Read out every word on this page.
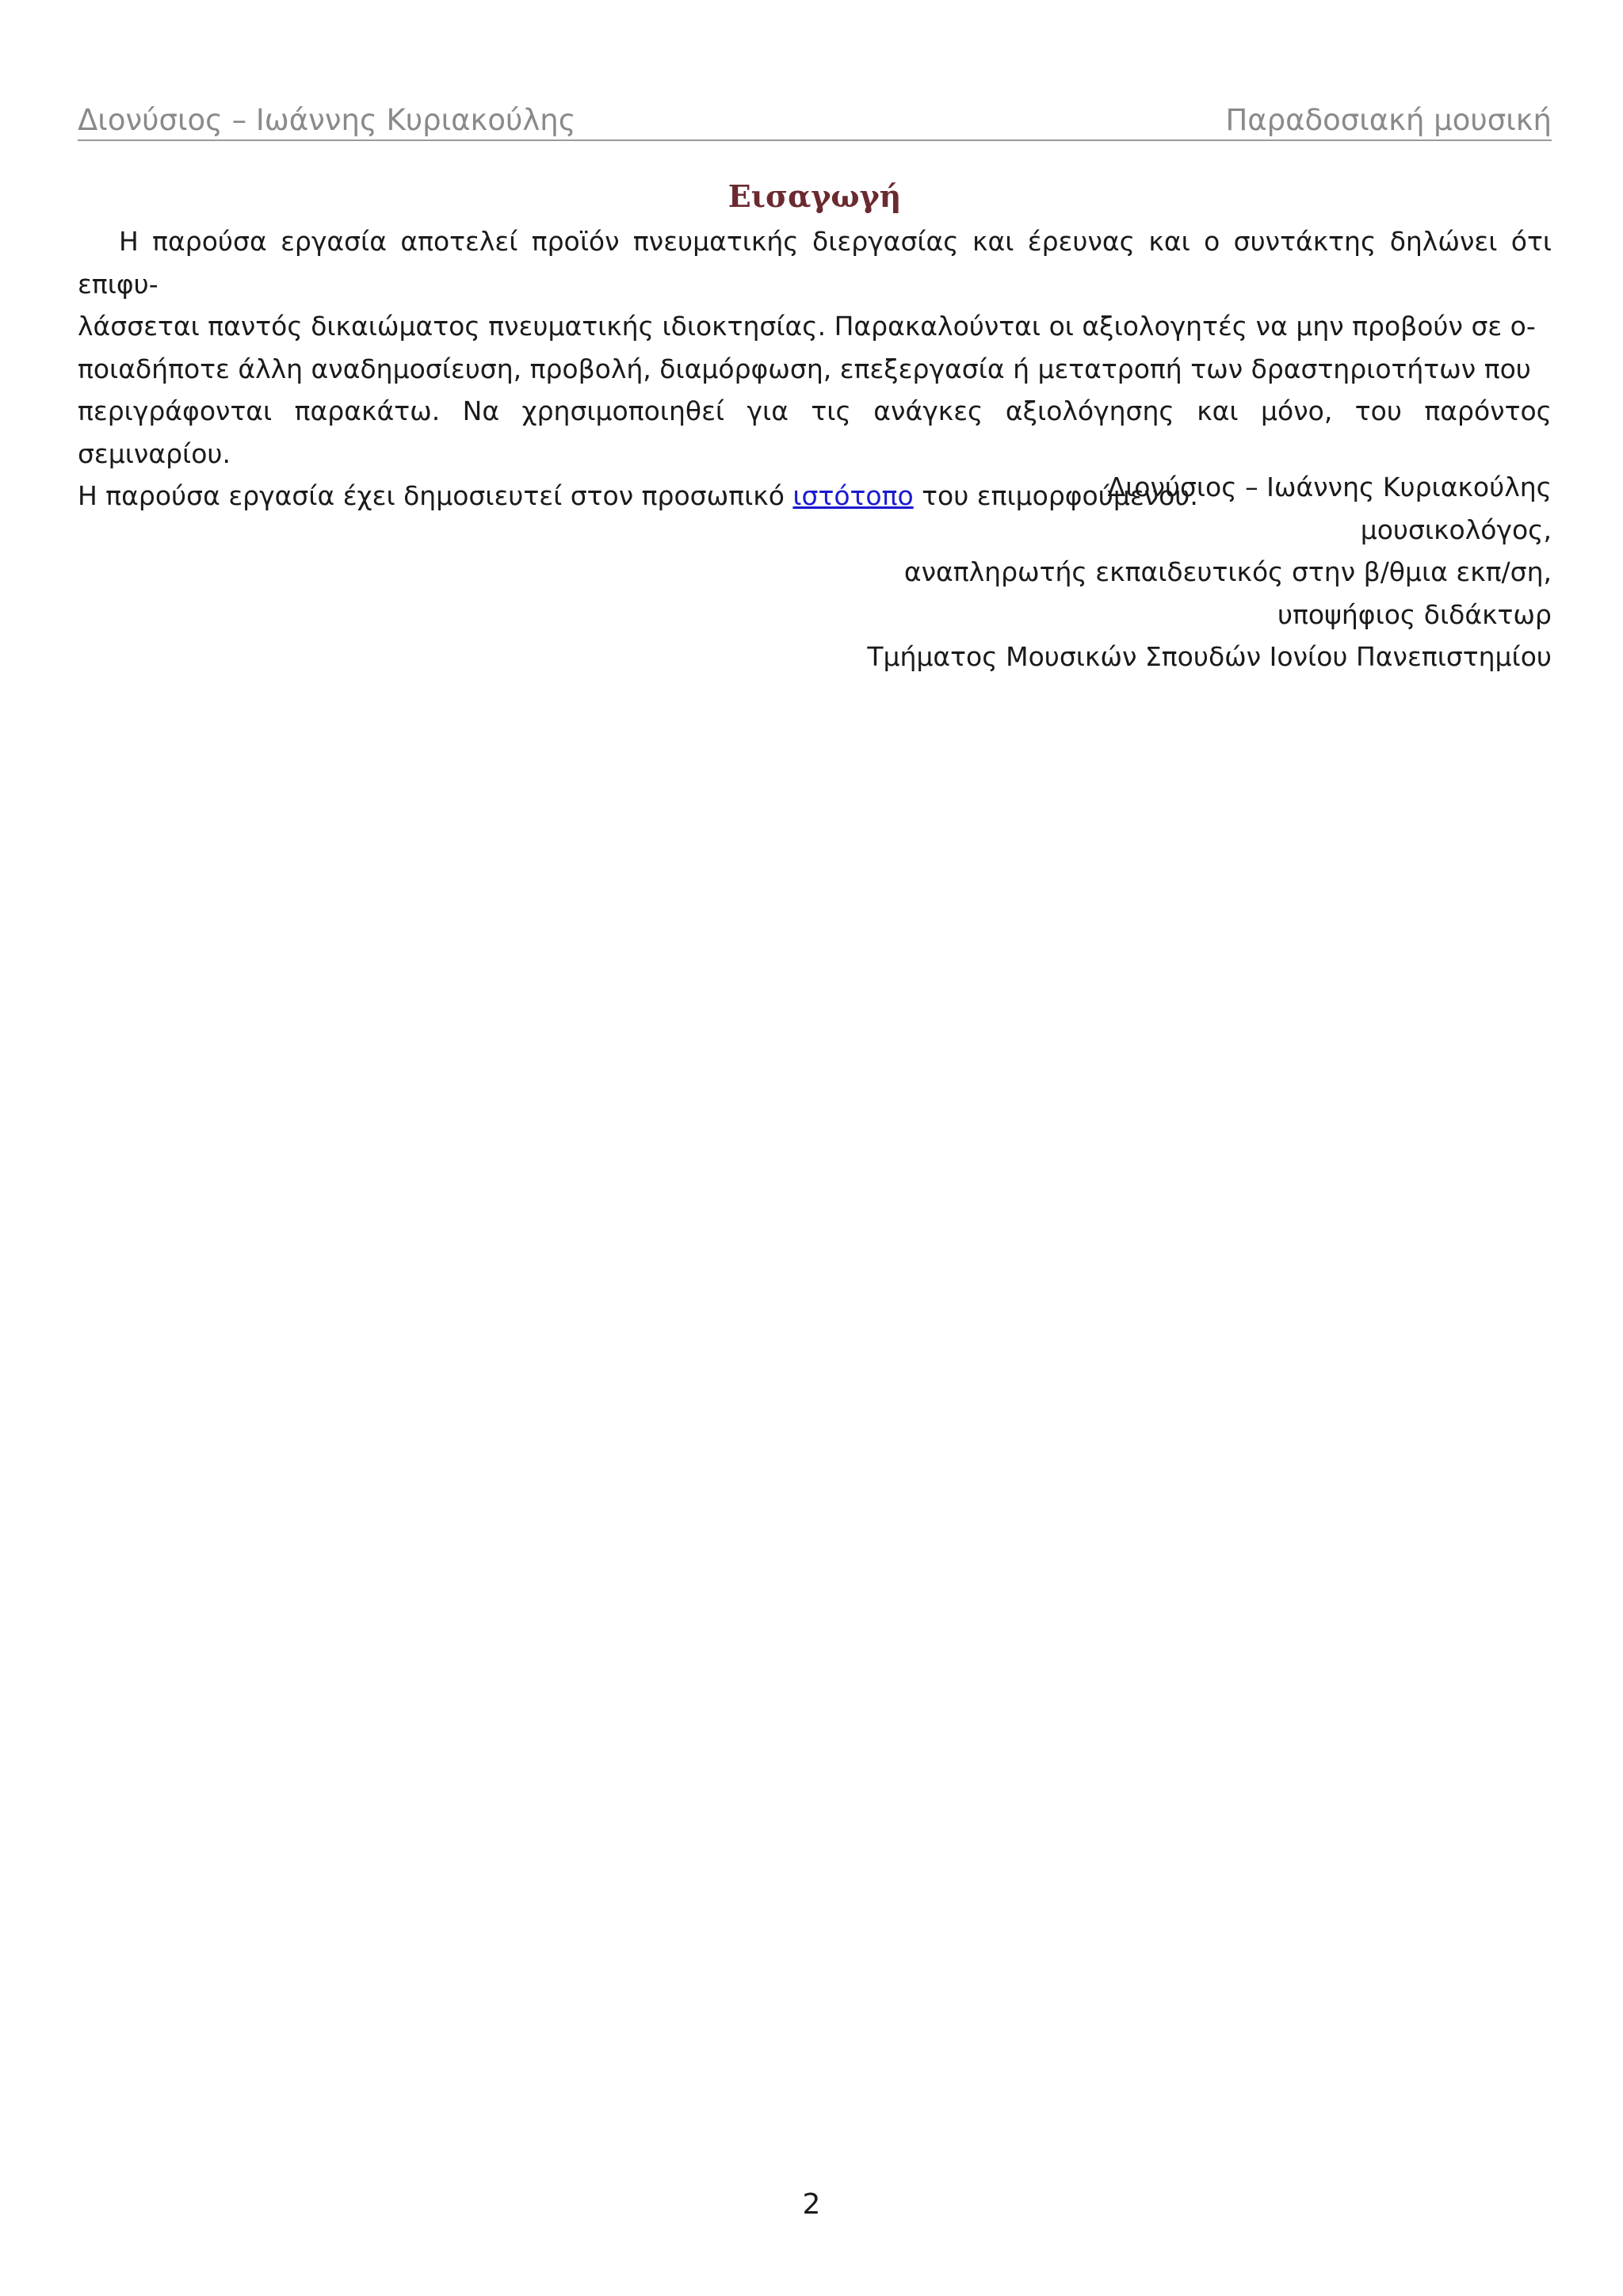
Διονύσιος – Ιωάννης Κυριακούλης	Παραδοσιακή μουσική
Εισαγωγή

Η παρούσα εργασία αποτελεί προϊόν πνευματικής διεργασίας και έρευνας και ο συντάκτης δηλώνει ότι επιφυ-

λάσσεται παντός δικαιώματος πνευματικής ιδιοκτησίας. Παρακαλούνται οι αξιολογητές να μην προβούν σε ο-

ποιαδήποτε άλλη αναδημοσίευση, προβολή, διαμόρφωση, επεξεργασία ή μετατροπή των δραστηριοτήτων που

περιγράφονται παρακάτω. Να χρησιμοποιηθεί για τις ανάγκες αξιολόγησης και μόνο, του παρόντος σεμιναρίου.

Η παρούσα εργασία έχει δημοσιευτεί στον προσωπικό ιστότοπο του επιμορφούμενου.

Διονύσιος – Ιωάννης Κυριακούλης
μουσικολόγος,
αναπληρωτής εκπαιδευτικός στην β/θμια εκπ/ση,
υποψήφιος διδάκτωρ
Τμήματος Μουσικών Σπουδών Ιονίου Πανεπιστημίου
2
